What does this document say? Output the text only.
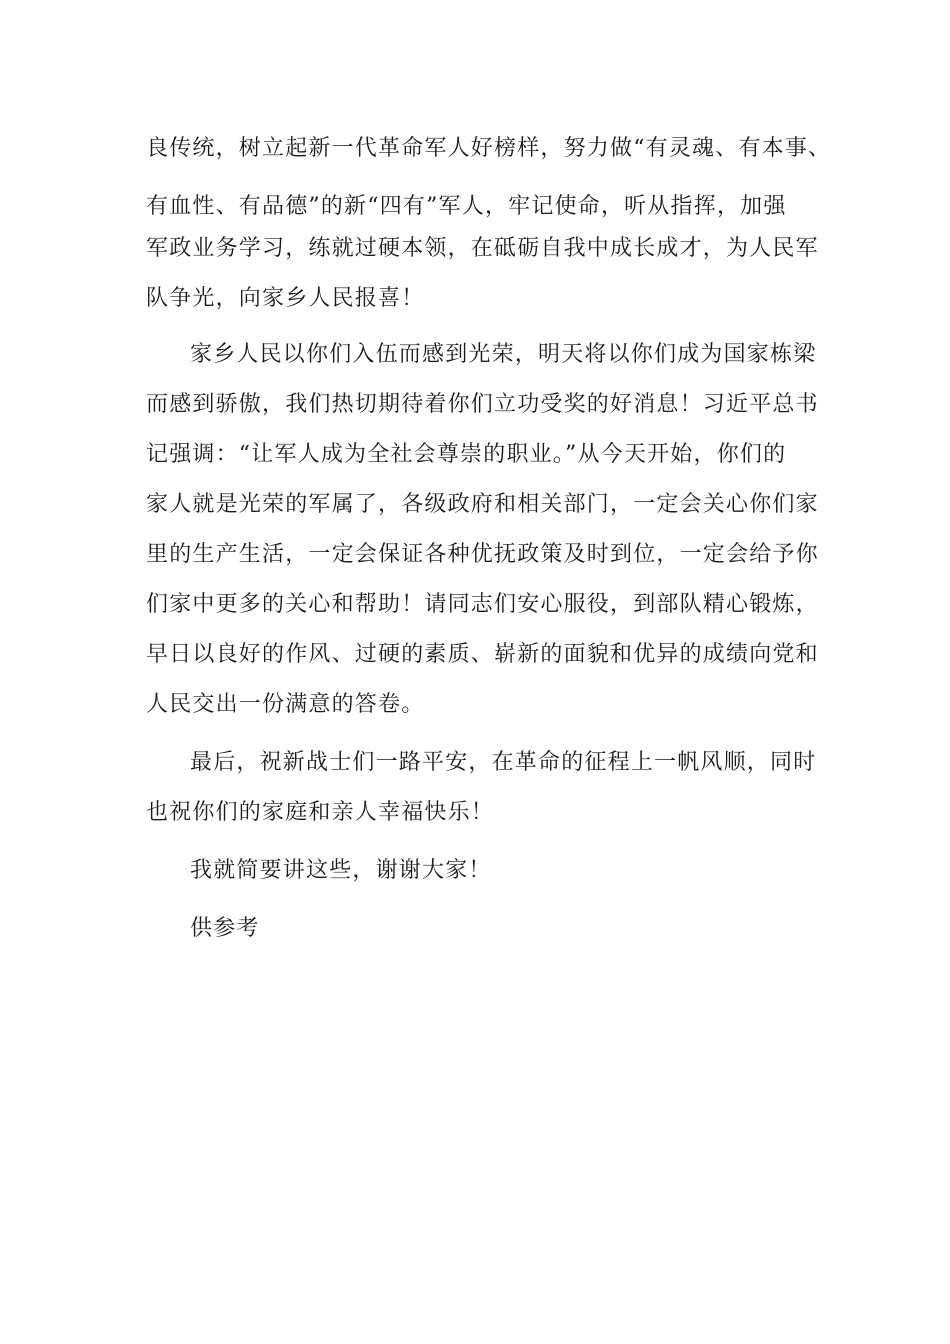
良传统，树立起新一代革命军人好榜样，努力做“有灵魂、有本事、
有血性、有品德”的新“四有”军人，牢记使命，听从指挥，加强
军政业务学习，练就过硬本领，在砥砺自我中成长成才，为人民军
队争光，向家乡人民报喜！
家乡人民以你们入伍而感到光荣，明天将以你们成为国家栋梁
而感到骄傲，我们热切期待着你们立功受奖的好消息！习近平总书
记强调：“让军人成为全社会尊崇的职业。”从今天开始，你们的
家人就是光荣的军属了，各级政府和相关部门，一定会关心你们家
里的生产生活，一定会保证各种优抚政策及时到位，一定会给予你
们家中更多的关心和帮助！请同志们安心服役，到部队精心锻炼，
早日以良好的作风、过硬的素质、崭新的面貌和优异的成绩向党和
人民交出一份满意的答卷。
最后，祝新战士们一路平安，在革命的征程上一帆风顺，同时
也祝你们的家庭和亲人幸福快乐！
我就简要讲这些，谢谢大家！
供参考
